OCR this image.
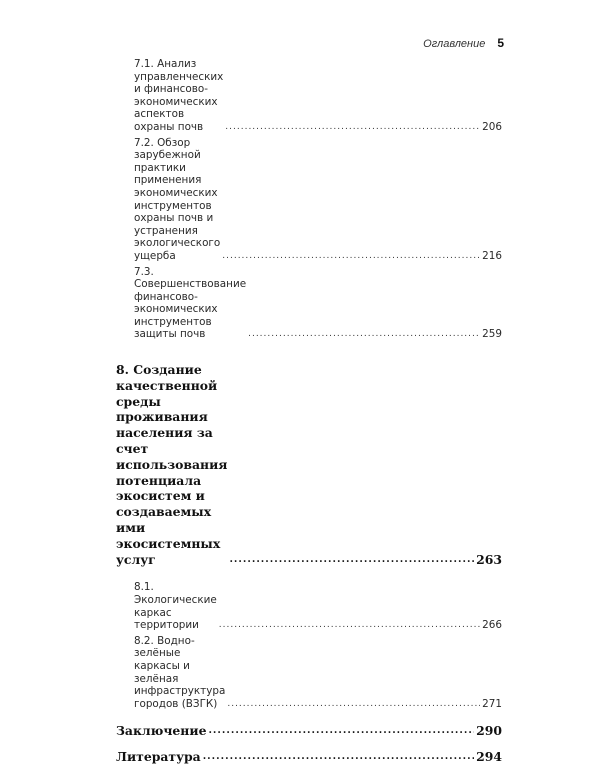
Оглавление 5
7.1. Анализ управленческих и финансово-экономических
аспектов охраны почв .....	206
7.2. Обзор зарубежной практики применения
экономических инструментов охраны почв и устранения
экологического ущерба .....	216
7.3. Совершенствование финансово-экономических
инструментов защиты почв .....	259
8. Создание качественной среды проживания
населения за счет использования потенциала
экосистем и создаваемых ими экосистемных услуг .....	263
8.1. Экологические каркас территории .....	266
8.2. Водно-зелёные каркасы и зелёная инфраструктура
городов (ВЗГК) .....	271
Заключение .....	290
Литература .....	294
